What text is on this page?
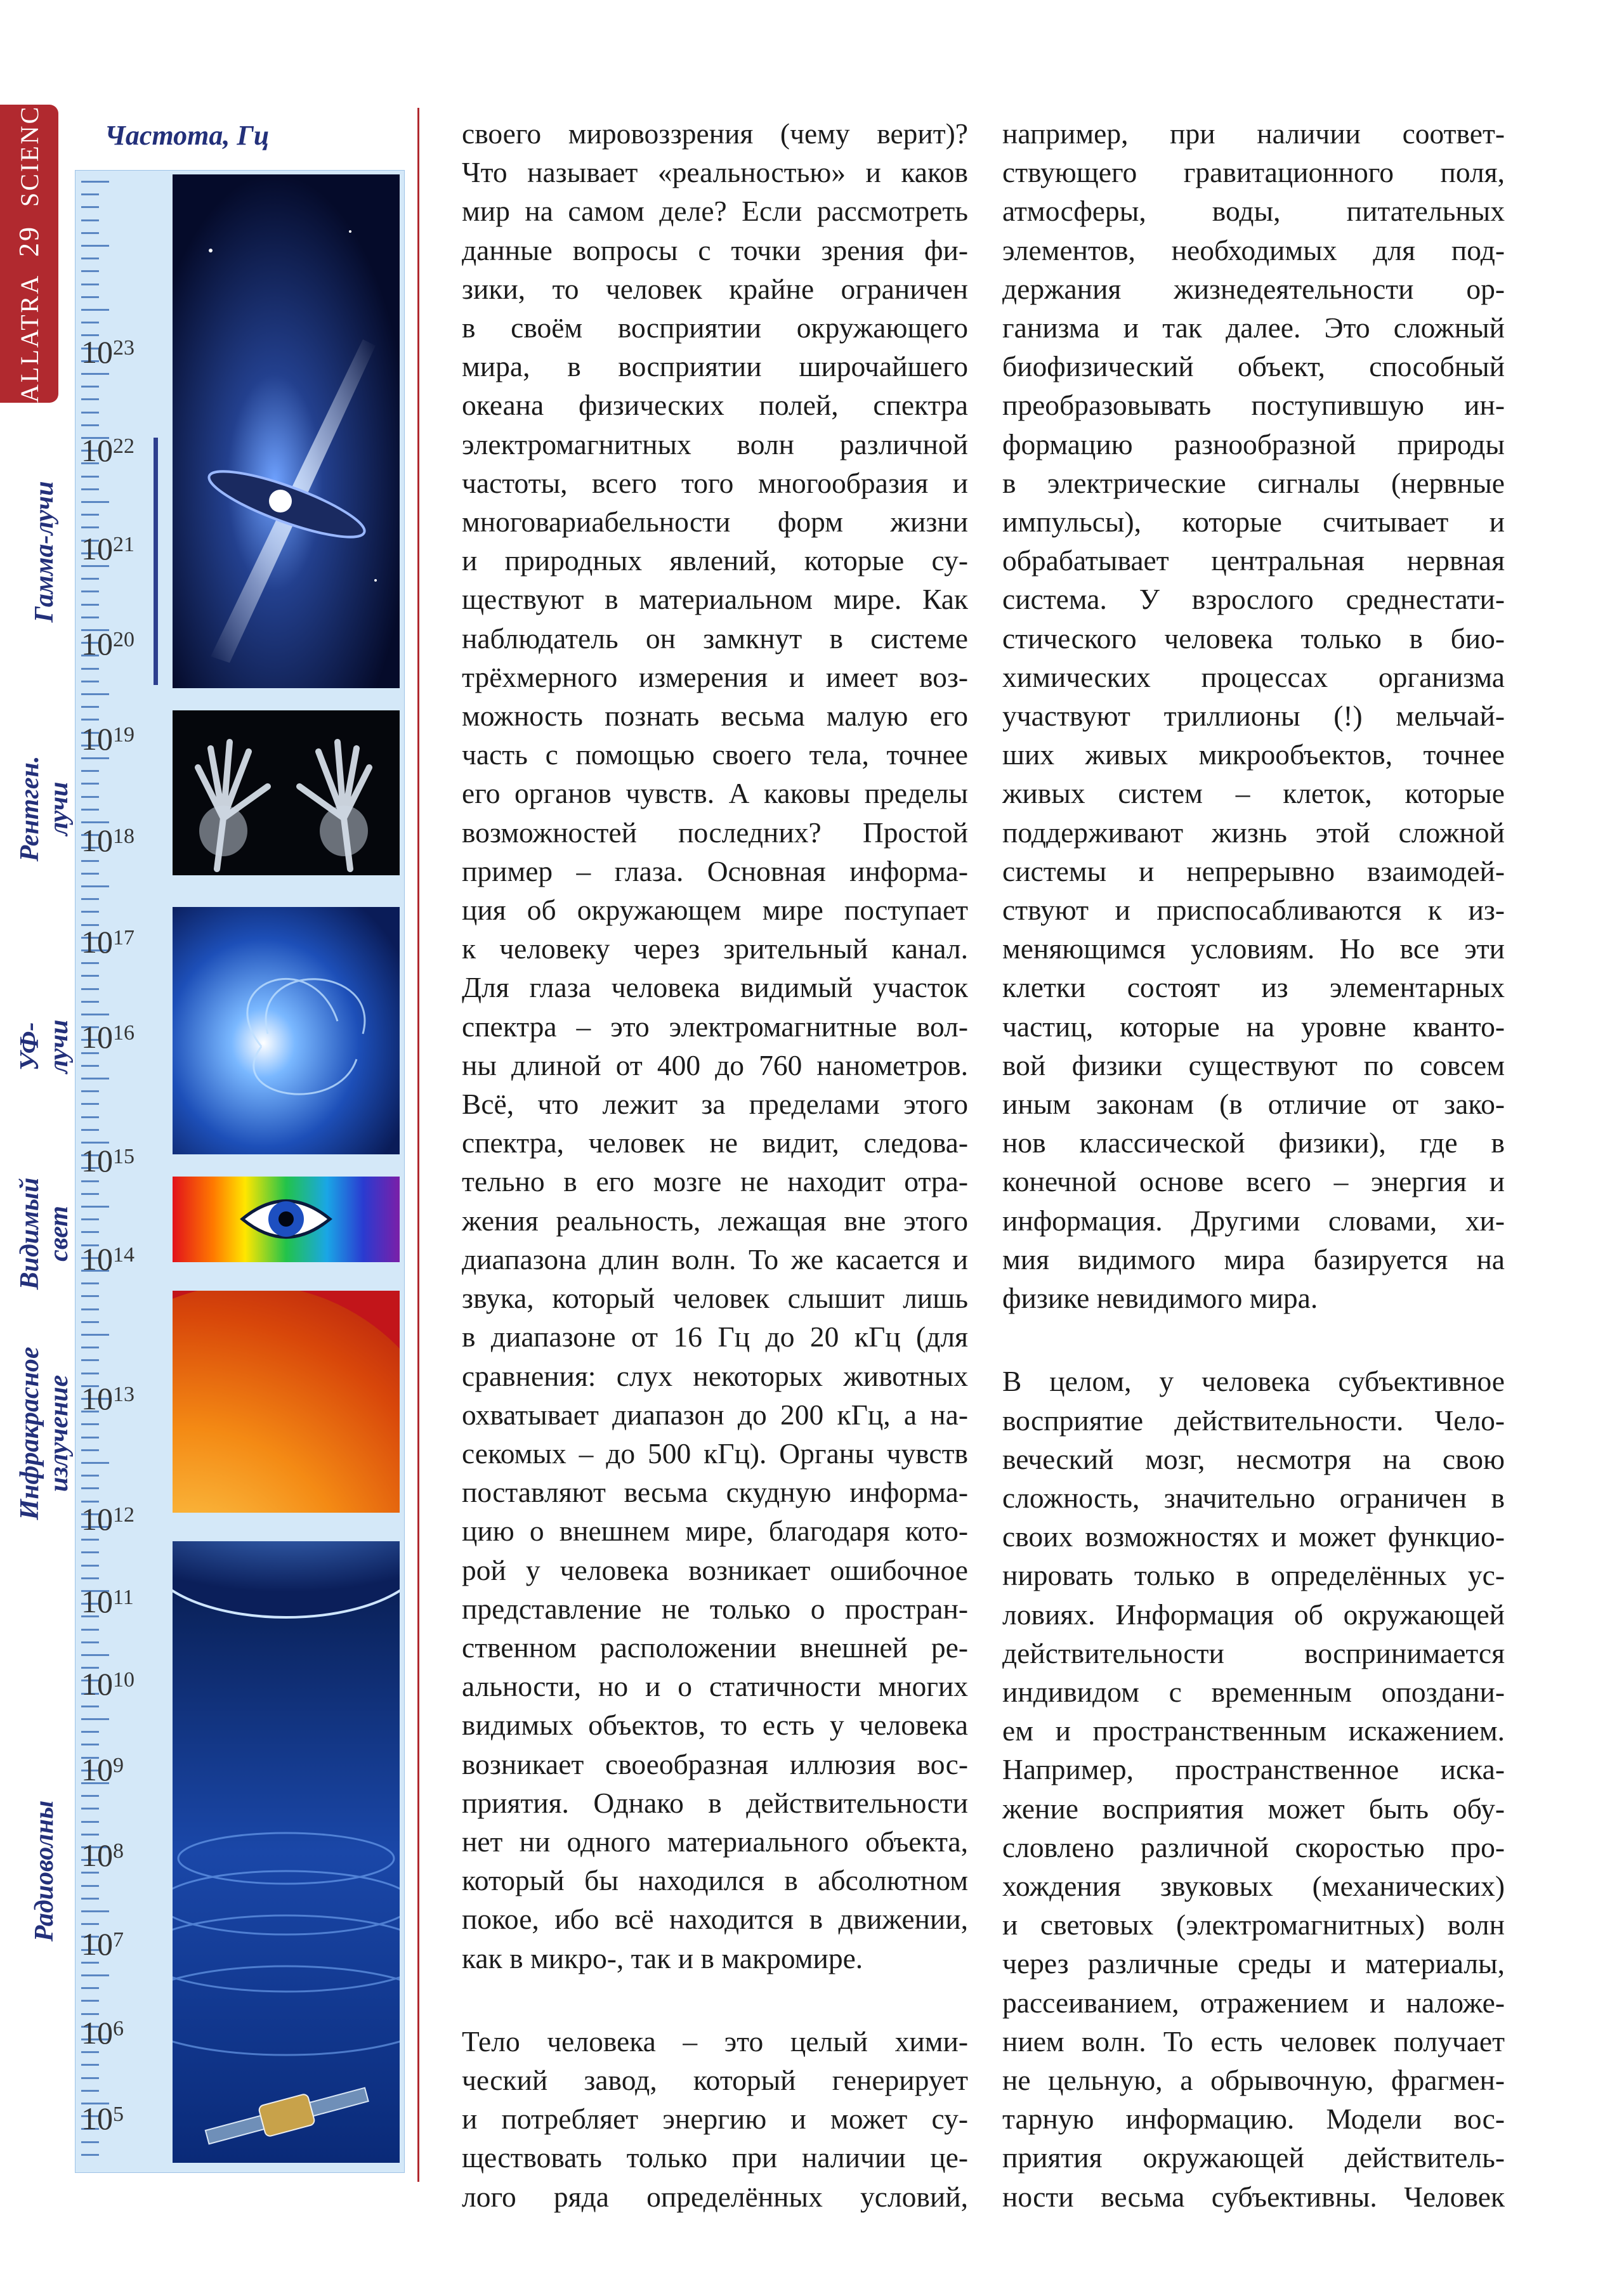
ALLATRA 29 SCIENCE Частота, Гц
$10^{23}$
$10^{22}$
$10^{21}$
$10^{20}$
$10^{19}$
$10^{18}$
$10^{17}$
$10^{16}$
$10^{15}$
$10^{14}$
$10^{13}$
$10^{12}$
$10^{11}$
$10^{10}$
$10^9$
$10^8$
$10^7$
$10^6$
$10^5$
Гамма-лучи
Рентген.
лучи
УФ-
лучи
Видимый
свет
Инфракрасное
излучение
Радиоволны

своего мировоззрения (чему верит)?
Что называет «реальностью» и каков
мир на самом деле? Если рассмотреть
данные вопросы с точки зрения фи-
зики, то человек крайне ограничен
в своём восприятии окружающего
мира, в восприятии широчайшего
океана физических полей, спектра
электромагнитных волн различной
частоты, всего того многообразия и
многовариабельности форм жизни
и природных явлений, которые су-
ществуют в материальном мире. Как
наблюдатель он замкнут в системе
трёхмерного измерения и имеет воз-
можность познать весьма малую его
часть с помощью своего тела, точнее
его органов чувств. А каковы пределы
возможностей последних? Простой
пример – глаза. Основная информа-
ция об окружающем мире поступает
к человеку через зрительный канал.
Для глаза человека видимый участок
спектра – это электромагнитные вол-
ны длиной от 400 до 760 нанометров.
Всё, что лежит за пределами этого
спектра, человек не видит, следова-
тельно в его мозге не находит отра-
жения реальность, лежащая вне этого
диапазона длин волн. То же касается и
звука, который человек слышит лишь
в диапазоне от 16 Гц до 20 кГц (для
сравнения: слух некоторых животных
охватывает диапазон до 200 кГц, а на-
секомых – до 500 кГц). Органы чувств
поставляют весьма скудную информа-
цию о внешнем мире, благодаря кото-
рой у человека возникает ошибочное
представление не только о простран-
ственном расположении внешней ре-
альности, но и о статичности многих
видимых объектов, то есть у человека
возникает своеобразная иллюзия вос-
приятия. Однако в действительности
нет ни одного материального объекта,
который бы находился в абсолютном
покое, ибо всё находится в движении,
как в микро-, так и в макромире.

Тело человека – это целый хими-
ческий завод, который генерирует
и потребляет энергию и может су-
ществовать только при наличии це-
лого ряда определённых условий,

например, при наличии соответ-
ствующего гравитационного поля,
атмосферы, воды, питательных
элементов, необходимых для под-
держания жизнедеятельности ор-
ганизма и так далее. Это сложный
биофизический объект, способный
преобразовывать поступившую ин-
формацию разнообразной природы
в электрические сигналы (нервные
импульсы), которые считывает и
обрабатывает центральная нервная
система. У взрослого среднестати-
стического человека только в био-
химических процессах организма
участвуют триллионы (!) мельчай-
ших живых микрообъектов, точнее
живых систем – клеток, которые
поддерживают жизнь этой сложной
системы и непрерывно взаимодей-
ствуют и приспосабливаются к из-
меняющимся условиям. Но все эти
клетки состоят из элементарных
частиц, которые на уровне кванто-
вой физики существуют по совсем
иным законам (в отличие от зако-
нов классической физики), где в
конечной основе всего – энергия и
информация. Другими словами, хи-
мия видимого мира базируется на
физике невидимого мира.

В целом, у человека субъективное
восприятие действительности. Чело-
веческий мозг, несмотря на свою
сложность, значительно ограничен в
своих возможностях и может функцио-
нировать только в определённых ус-
ловиях. Информация об окружающей
действительности воспринимается
индивидом с временным опоздани-
ем и пространственным искажением.
Например, пространственное иска-
жение восприятия может быть обу-
словлено различной скоростью про-
хождения звуковых (механических)
и световых (электромагнитных) волн
через различные среды и материалы,
рассеиванием, отражением и наложе-
нием волн. То есть человек получает
не цельную, а обрывочную, фрагмен-
тарную информацию. Модели вос-
приятия окружающей действитель-
ности весьма субъективны. Человек
